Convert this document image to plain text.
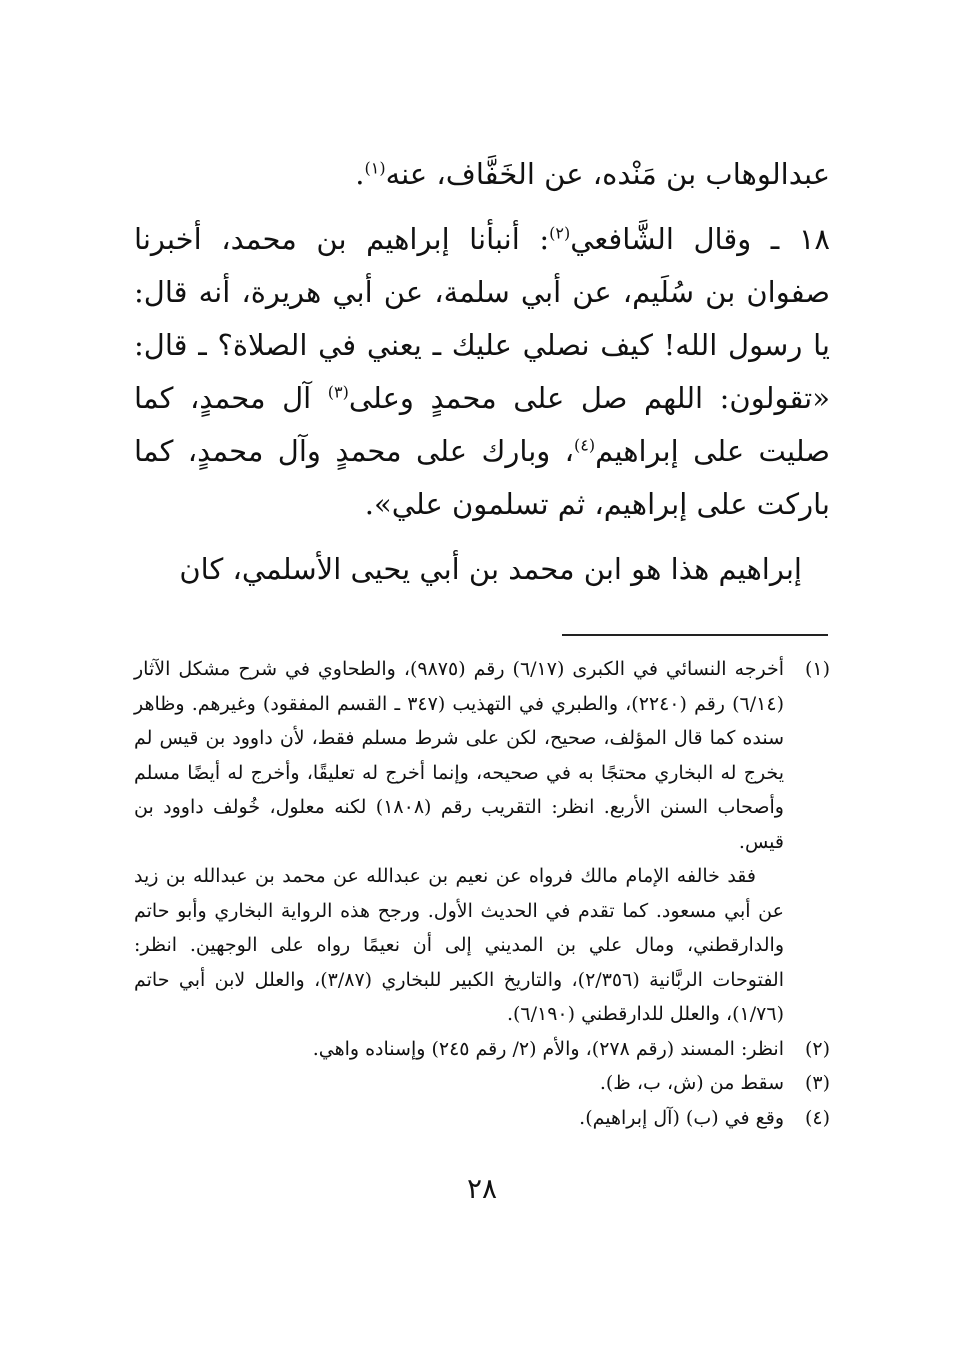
عبدالوهاب بن مَنْده، عن الخَفَّاف، عنه$^{(١)}$.

١٨ ـ وقال الشَّافعي$^{(٢)}$: أنبأنا إبراهيم بن محمد، أخبرنا صفوان بن سُلَيم، عن أبي سلمة، عن أبي هريرة، أنه قال: يا رسول الله! كيف نصلي عليك ـ يعني في الصلاة؟ ـ قال: «تقولون: اللهم صل على محمدٍ وعلى$^{(٣)}$ آل محمدٍ، كما صليت على إبراهيم$^{(٤)}$، وبارك على محمدٍ وآل محمدٍ، كما باركت على إبراهيم، ثم تسلمون علي».

إبراهيم هذا هو ابن محمد بن أبي يحيى الأسلمي، كان

(١)
أخرجه النسائي في الكبرى (٦/١٧) رقم (٩٨٧٥)، والطحاوي في شرح مشكل الآثار (٦/١٤) رقم (٢٢٤٠)، والطبري في التهذيب (٣٤٧ ـ القسم المفقود) وغيرهم. وظاهر سنده كما قال المؤلف، صحيح، لكن على شرط مسلم فقط، لأن داوود بن قيس لم يخرج له البخاري محتجًا به في صحيحه، وإنما أخرج له تعليقًا، وأخرج له أيضًا مسلم وأصحاب السنن الأربع. انظر: التقريب رقم (١٨٠٨) لكنه معلول، خُولف داوود بن قيس.
فقد خالفه الإمام مالك فرواه عن نعيم بن عبدالله عن محمد بن عبدالله بن زيد عن أبي مسعود. كما تقدم في الحديث الأول. ورجح هذه الرواية البخاري وأبو حاتم والدارقطني، ومال علي بن المديني إلى أن نعيمًا رواه على الوجهين. انظر: الفتوحات الربَّانية (٢/٣٥٦)، والتاريخ الكبير للبخاري (٣/٨٧)، والعلل لابن أبي حاتم (١/٧٦)، والعلل للدارقطني (٦/١٩٠).
(٢)
انظر: المسند (رقم ٢٧٨)، والأم (٢/ رقم ٢٤٥) وإسناده واهي.
(٣)
سقط من (ش، ب، ظ).
(٤)
وقع في (ب) (آل إبراهيم).
٢٨
